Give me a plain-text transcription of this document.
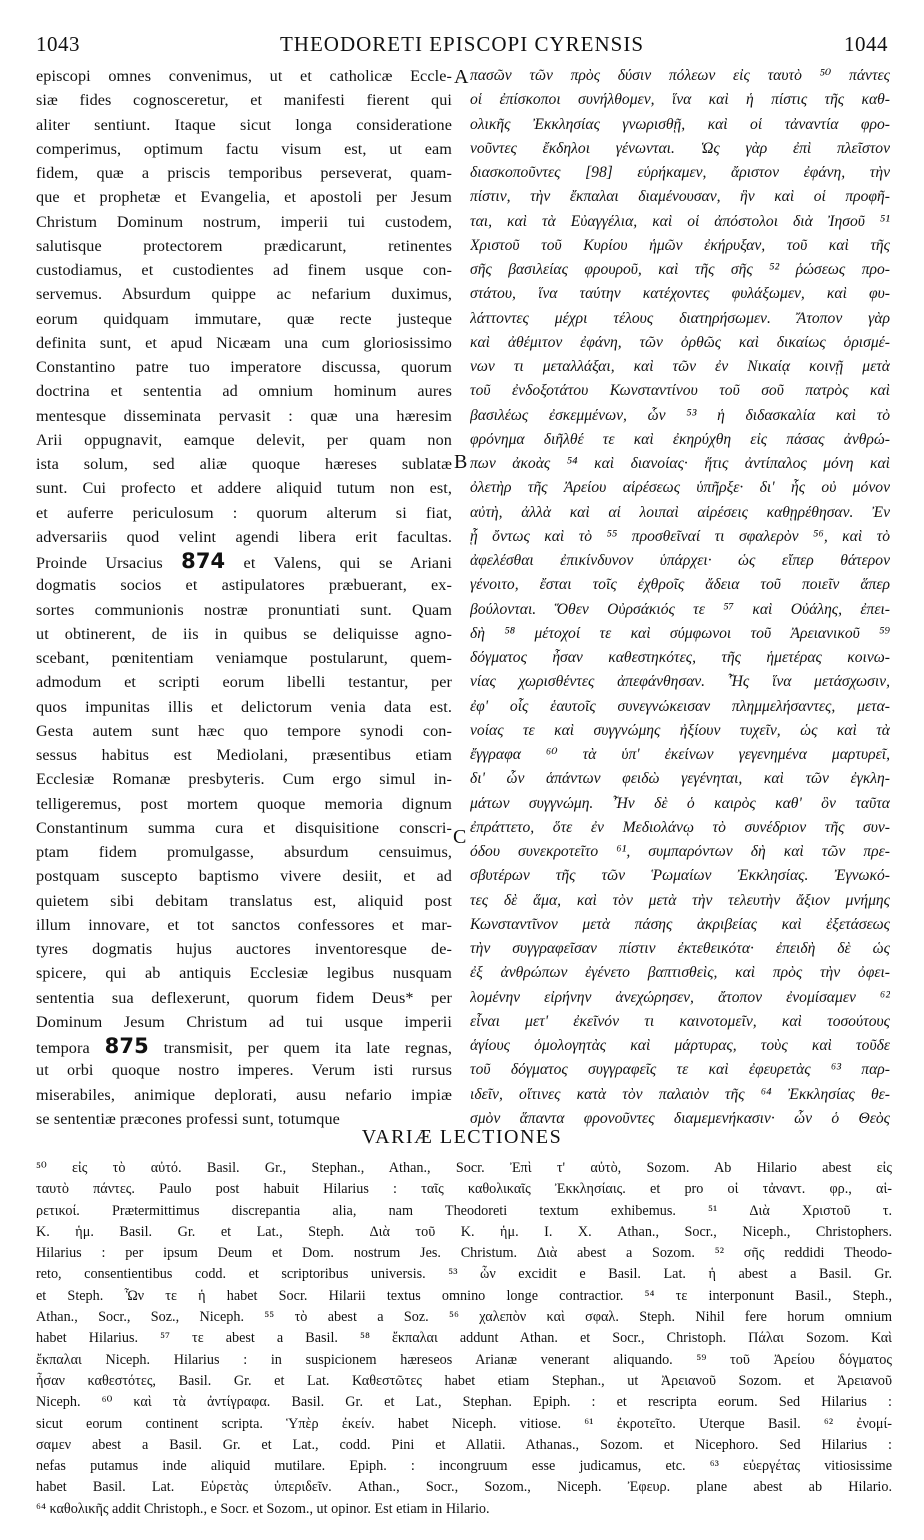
1043	THEODORETI EPISCOPI CYRENSIS	1044
episcopi omnes convenimus, ut et catholicæ Eccle-
siæ fides cognosceretur, et manifesti fierent qui
aliter sentiunt. Itaque sicut longa consideratione
comperimus, optimum factu visum est, ut eam
fidem, quæ a priscis temporibus perseverat, quam-
que et prophetæ et Evangelia, et apostoli per Jesum
Christum Dominum nostrum, imperii tui custodem,
salutisque protectorem prædicarunt, retinentes
custodiamus, et custodientes ad finem usque con-
servemus. Absurdum quippe ac nefarium duximus,
eorum quidquam immutare, quæ recte justeque
definita sunt, et apud Nicæam una cum gloriosissimo
Constantino patre tuo imperatore discussa, quorum
doctrina et sententia ad omnium hominum aures
mentesque disseminata pervasit : quæ una hæresim
Arii oppugnavit, eamque delevit, per quam non
ista solum, sed aliæ quoque hæreses sublatæ
sunt. Cui profecto et addere aliquid tutum non est,
et auferre periculosum : quorum alterum si fiat,
adversariis quod velint agendi libera erit facultas.
Proinde Ursacius 874 et Valens, qui se Ariani
dogmatis socios et astipulatores præbuerant, ex-
sortes communionis nostræ pronuntiati sunt. Quam
ut obtinerent, de iis in quibus se deliquisse agno-
scebant, pœnitentiam veniamque postularunt, quem-
admodum et scripti eorum libelli testantur, per
quos impunitas illis et delictorum venia data est.
Gesta autem sunt hæc quo tempore synodi con-
sessus habitus est Mediolani, præsentibus etiam
Ecclesiæ Romanæ presbyteris. Cum ergo simul in-
telligeremus, post mortem quoque memoria dignum
Constantinum summa cura et disquisitione conscri-
ptam fidem promulgasse, absurdum censuimus,
postquam suscepto baptismo vivere desiit, et ad
quietem sibi debitam translatus est, aliquid post
illum innovare, et tot sanctos confessores et mar-
tyres dogmatis hujus auctores inventoresque de-
spicere, qui ab antiquis Ecclesiæ legibus nusquam
sententia sua deflexerunt, quorum fidem Deus* per
Dominum Jesum Christum ad tui usque imperii
tempora 875 transmisit, per quem ita late regnas,
ut orbi quoque nostro imperes. Verum isti rursus
miserabiles, animique deplorati, ausu nefario impiæ
se sententiæ præcones professi sunt, totumque
πασῶν τῶν πρὸς δύσιν πόλεων εἰς ταυτὸ ⁵⁰ πάντες
οἱ ἐπίσκοποι συνήλθομεν, ἵνα καὶ ἡ πίστις τῆς καθ-
ολικῆς Ἐκκλησίας γνωρισθῇ, καὶ οἱ τἀναντία φρο-
νοῦντες ἔκδηλοι γένωνται. Ὡς γὰρ ἐπὶ πλεῖστον
διασκοποῦντες [98] εὑρήκαμεν, ἄριστον ἐφάνη, τὴν
πίστιν, τὴν ἔκπαλαι διαμένουσαν, ἣν καὶ οἱ προφῆ-
ται, καὶ τὰ Εὐαγγέλια, καὶ οἱ ἀπόστολοι διὰ Ἰησοῦ ⁵¹
Χριστοῦ τοῦ Κυρίου ἡμῶν ἐκήρυξαν, τοῦ καὶ τῆς
σῆς βασιλείας φρουροῦ, καὶ τῆς σῆς ⁵² ῥώσεως προ-
στάτου, ἵνα ταύτην κατέχοντες φυλάξωμεν, καὶ φυ-
λάττοντες μέχρι τέλους διατηρήσωμεν. Ἄτοπον γὰρ
καὶ ἀθέμιτον ἐφάνη, τῶν ὀρθῶς καὶ δικαίως ὁρισμέ-
νων τι μεταλλάξαι, καὶ τῶν ἐν Νικαίᾳ κοινῇ μετὰ
τοῦ ἐνδοξοτάτου Κωνσταντίνου τοῦ σοῦ πατρὸς καὶ
βασιλέως ἐσκεμμένων, ὧν ⁵³ ἡ διδασκαλία καὶ τὸ
φρόνημα διῆλθέ τε καὶ ἐκηρύχθη εἰς πάσας ἀνθρώ-
πων ἀκοὰς ⁵⁴ καὶ διανοίας· ἥτις ἀντίπαλος μόνη καὶ
ὀλετὴρ τῆς Ἀρείου αἱρέσεως ὑπῆρξε· δι' ἧς οὐ μόνον
αὐτὴ, ἀλλὰ καὶ αἱ λοιπαὶ αἱρέσεις καθῃρέθησαν. Ἐν
ᾗ ὄντως καὶ τὸ ⁵⁵ προσθεῖναί τι σφαλερὸν ⁵⁶, καὶ τὸ
ἀφελέσθαι ἐπικίνδυνον ὑπάρχει· ὡς εἴπερ θάτερον
γένοιτο, ἔσται τοῖς ἐχθροῖς ἄδεια τοῦ ποιεῖν ἅπερ
βούλονται. Ὅθεν Οὐρσάκιός τε ⁵⁷ καὶ Οὐάλης, ἐπει-
δὴ ⁵⁸ μέτοχοί τε καὶ σύμφωνοι τοῦ Ἀρειανικοῦ ⁵⁹
δόγματος ἦσαν καθεστηκότες, τῆς ἡμετέρας κοινω-
νίας χωρισθέντες ἀπεφάνθησαν. Ἧς ἵνα μετάσχωσιν,
ἐφ' οἷς ἑαυτοῖς συνεγνώκεισαν πλημμελήσαντες, μετα-
νοίας τε καὶ συγγνώμης ἠξίουν τυχεῖν, ὡς καὶ τὰ
ἔγγραφα ⁶⁰ τὰ ὑπ' ἐκείνων γεγενημένα μαρτυρεῖ,
δι' ὧν ἁπάντων φειδὼ γεγένηται, καὶ τῶν ἐγκλη-
μάτων συγγνώμη. Ἦν δὲ ὁ καιρὸς καθ' ὃν ταῦτα
ἐπράττετο, ὅτε ἐν Μεδιολάνῳ τὸ συνέδριον τῆς συν-
όδου συνεκροτεῖτο ⁶¹, συμπαρόντων δὴ καὶ τῶν πρε-
σβυτέρων τῆς τῶν Ῥωμαίων Ἐκκλησίας. Ἐγνωκό-
τες δὲ ἅμα, καὶ τὸν μετὰ τὴν τελευτὴν ἄξιον μνήμης
Κωνσταντῖνον μετὰ πάσης ἀκριβείας καὶ ἐξετάσεως
τὴν συγγραφεῖσαν πίστιν ἐκτεθεικότα· ἐπειδὴ δὲ ὡς
ἐξ ἀνθρώπων ἐγένετο βαπτισθεὶς, καὶ πρὸς τὴν ὀφει-
λομένην εἰρήνην ἀνεχώρησεν, ἄτοπον ἐνομίσαμεν ⁶²
εἶναι μετ' ἐκεῖνόν τι καινοτομεῖν, καὶ τοσούτους
ἁγίους ὁμολογητὰς καὶ μάρτυρας, τοὺς καὶ τοῦδε
τοῦ δόγματος συγγραφεῖς τε καὶ ἐφευρετὰς ⁶³ παρ-
ιδεῖν, οἵτινες κατὰ τὸν παλαιὸν τῆς ⁶⁴ Ἐκκλησίας θε-
σμὸν ἅπαντα φρονοῦντες διαμεμενήκασιν· ὧν ὁ Θεὸς
A
B
C
VARIÆ LECTIONES
⁵⁰ εἰς τὸ αὐτό. Basil. Gr., Stephan., Athan., Socr. Ἐπὶ τ' αὐτὸ, Sozom. Ab Hilario abest εἰς
ταυτὸ πάντες. Paulo post habuit Hilarius : ταῖς καθολικαῖς Ἐκκλησίαις. et pro οἱ τἀναντ. φρ., αἱ-
ρετικοί. Prætermittimus discrepantia alia, nam Theodoreti textum exhibemus. ⁵¹ Διὰ Χριστοῦ τ.
Κ. ἡμ. Basil. Gr. et Lat., Steph. Διὰ τοῦ Κ. ἡμ. Ι. Χ. Athan., Socr., Niceph., Christophers.
Hilarius : per ipsum Deum et Dom. nostrum Jes. Christum. Διὰ abest a Sozom. ⁵² σῆς reddidi Theodo-
reto, consentientibus codd. et scriptoribus universis. ⁵³ ὧν excidit e Basil. Lat. ἡ abest a Basil. Gr.
et Steph. Ὧν τε ἡ habet Socr. Hilarii textus omnino longe contractior. ⁵⁴ τε interponunt Basil., Steph.,
Athan., Socr., Soz., Niceph. ⁵⁵ τὸ abest a Soz. ⁵⁶ χαλεπὸν καὶ σφαλ. Steph. Nihil fere horum omnium
habet Hilarius. ⁵⁷ τε abest a Basil. ⁵⁸ ἔκπαλαι addunt Athan. et Socr., Christoph. Πάλαι Sozom. Καὶ
ἔκπαλαι Niceph. Hilarius : in suspicionem hæreseos Arianæ venerant aliquando. ⁵⁹ τοῦ Ἀρείου δόγματος
ἦσαν καθεστότες, Basil. Gr. et Lat. Καθεστῶτες habet etiam Stephan., ut Ἀρειανοῦ Sozom. et Ἀρειανοῦ
Niceph. ⁶⁰ καὶ τὰ ἀντίγραφα. Basil. Gr. et Lat., Stephan. Epiph. : et rescripta eorum. Sed Hilarius :
sicut eorum continent scripta. Ὑπὲρ ἐκείν. habet Niceph. vitiose. ⁶¹ ἐκροτεῖτο. Uterque Basil. ⁶² ἐνομί-
σαμεν abest a Basil. Gr. et Lat., codd. Pini et Allatii. Athanas., Sozom. et Nicephoro. Sed Hilarius :
nefas putamus inde aliquid mutilare. Epiph. : incongruum esse judicamus, etc. ⁶³ εὐεργέτας vitiosissime
habet Basil. Lat. Εὑρετὰς ὑπεριδεῖν. Athan., Socr., Sozom., Niceph. Ἐφευρ. plane abest ab Hilario.
⁶⁴ καθολικῆς addit Christoph., e Socr. et Sozom., ut opinor. Est etiam in Hilario.
